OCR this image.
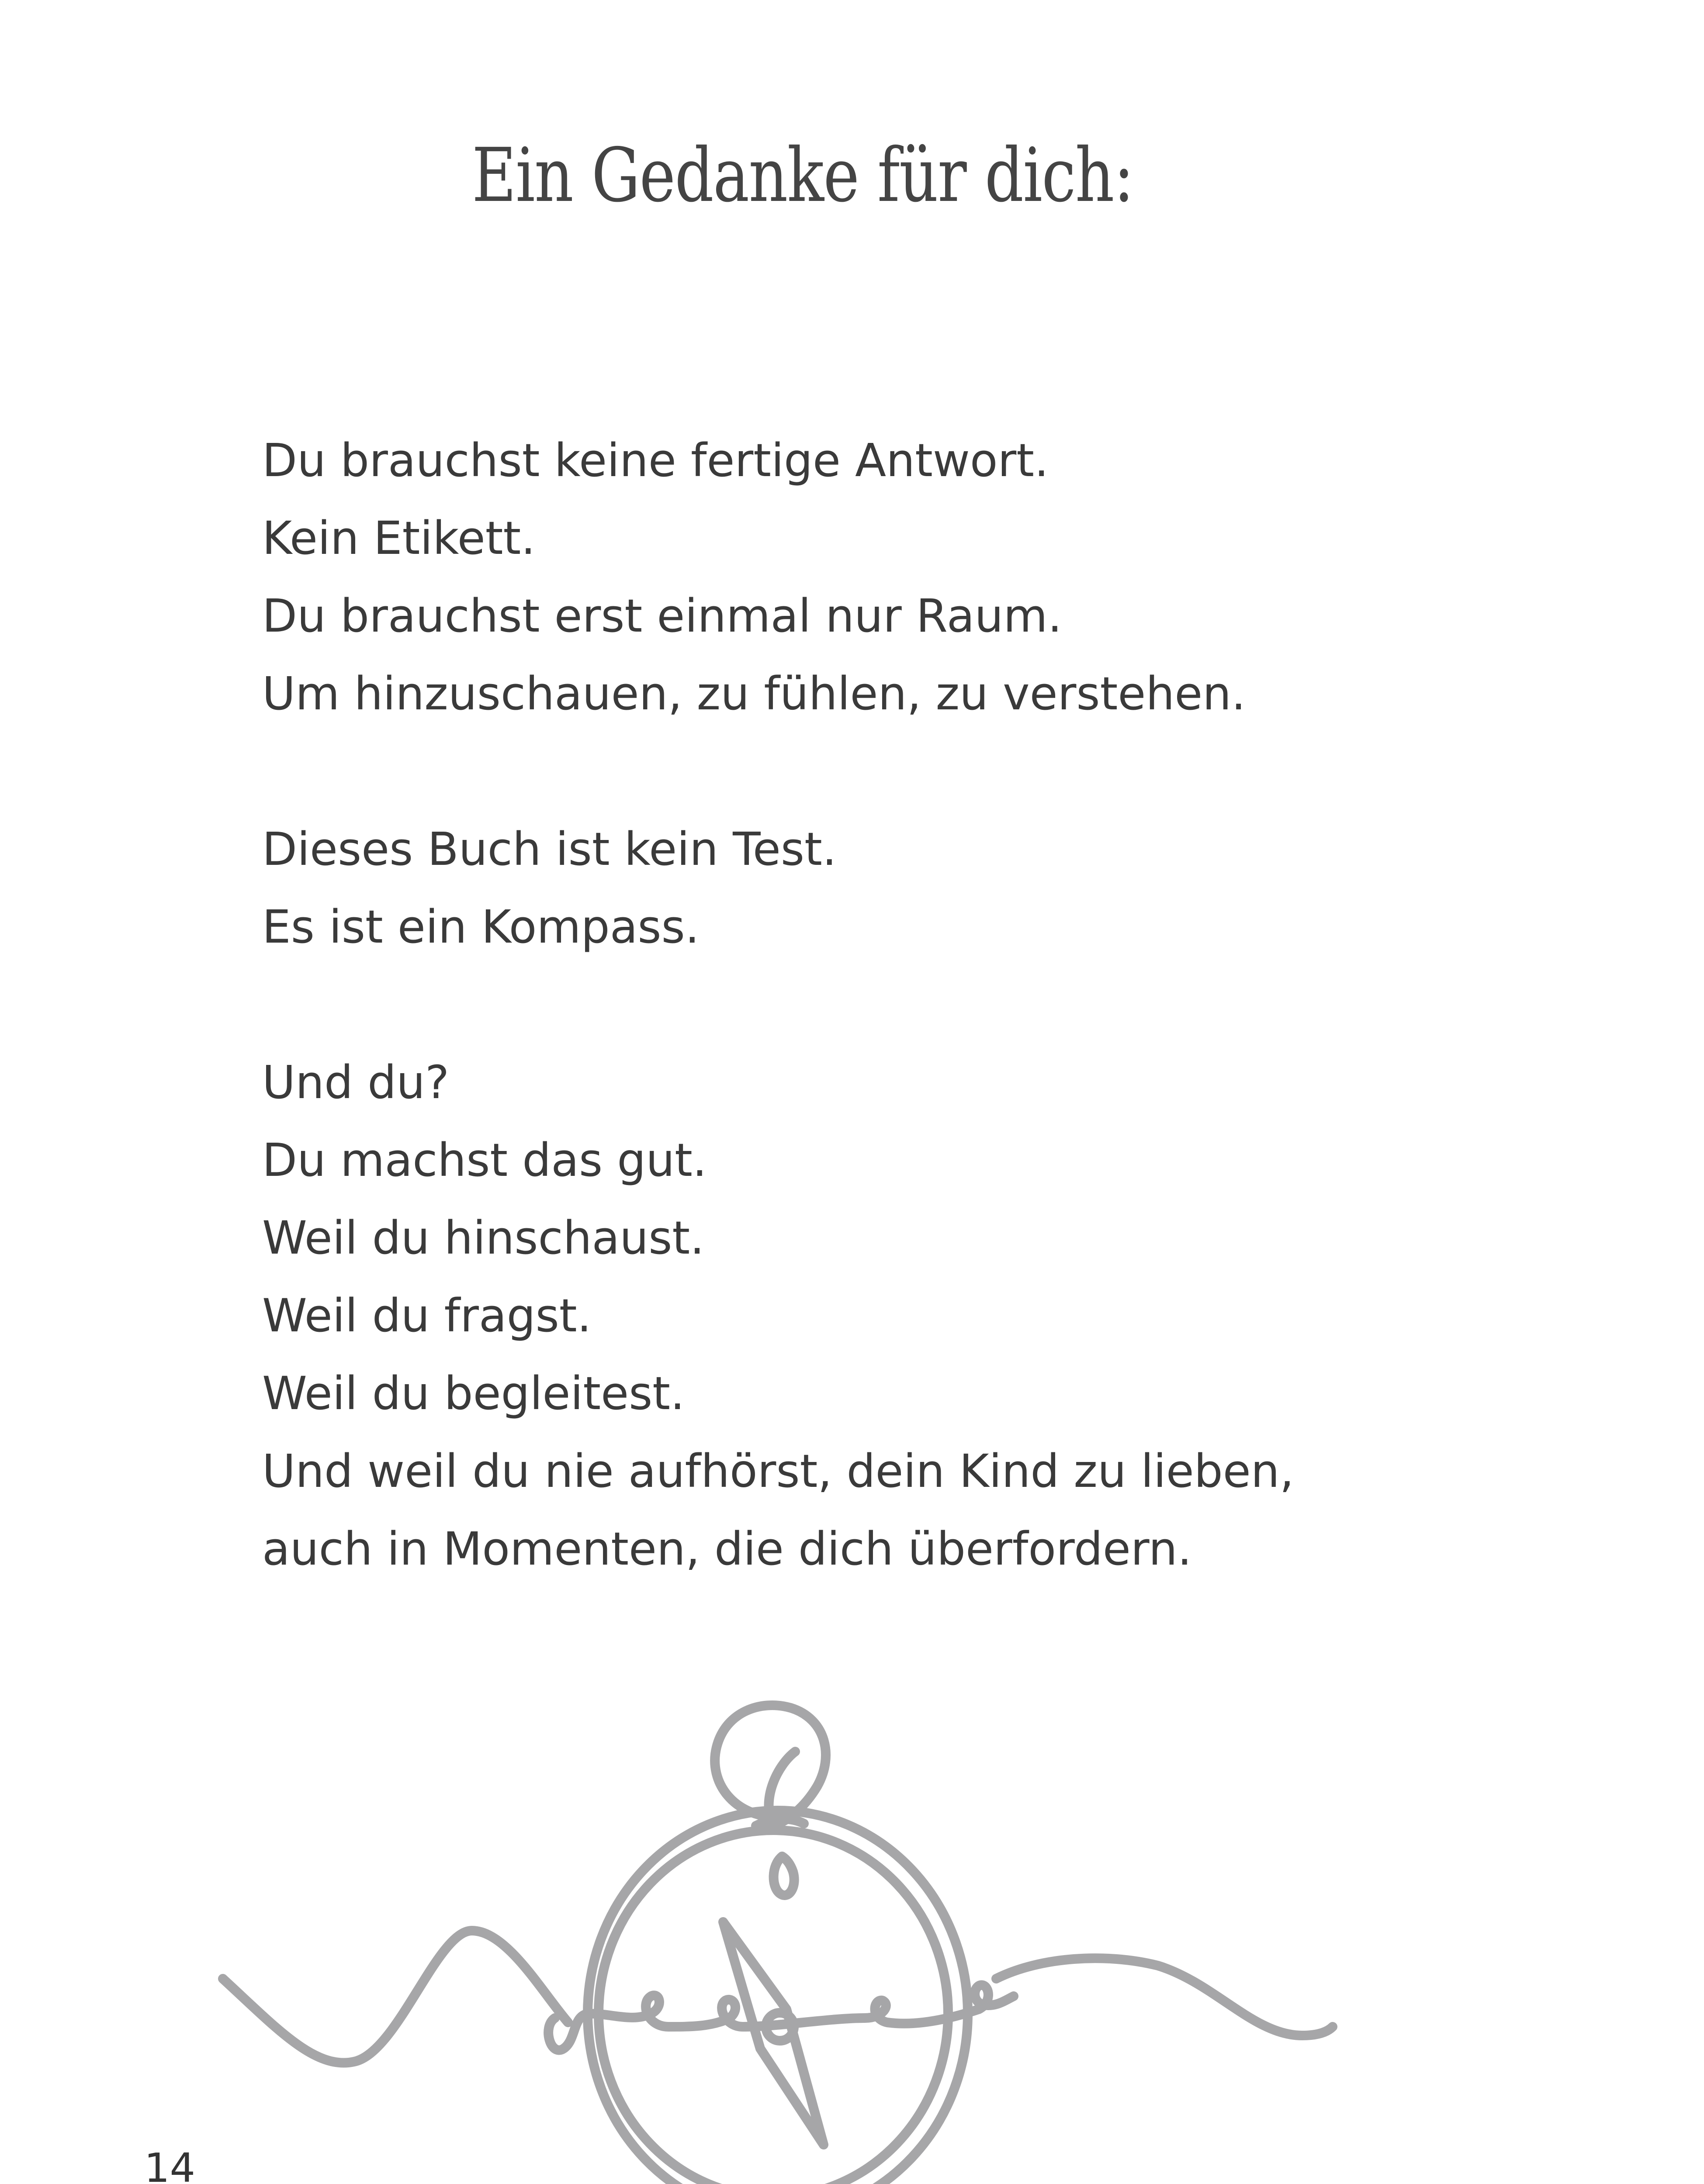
Ein Gedanke für dich:
Du brauchst keine fertige Antwort.
Kein Etikett.
Du brauchst erst einmal nur Raum.
Um hinzuschauen, zu fühlen, zu verstehen.
Dieses Buch ist kein Test.
Es ist ein Kompass.
Und du?
Du machst das gut.
Weil du hinschaust.
Weil du fragst.
Weil du begleitest.
Und weil du nie aufhörst, dein Kind zu lieben,
auch in Momenten, die dich überfordern.
14
